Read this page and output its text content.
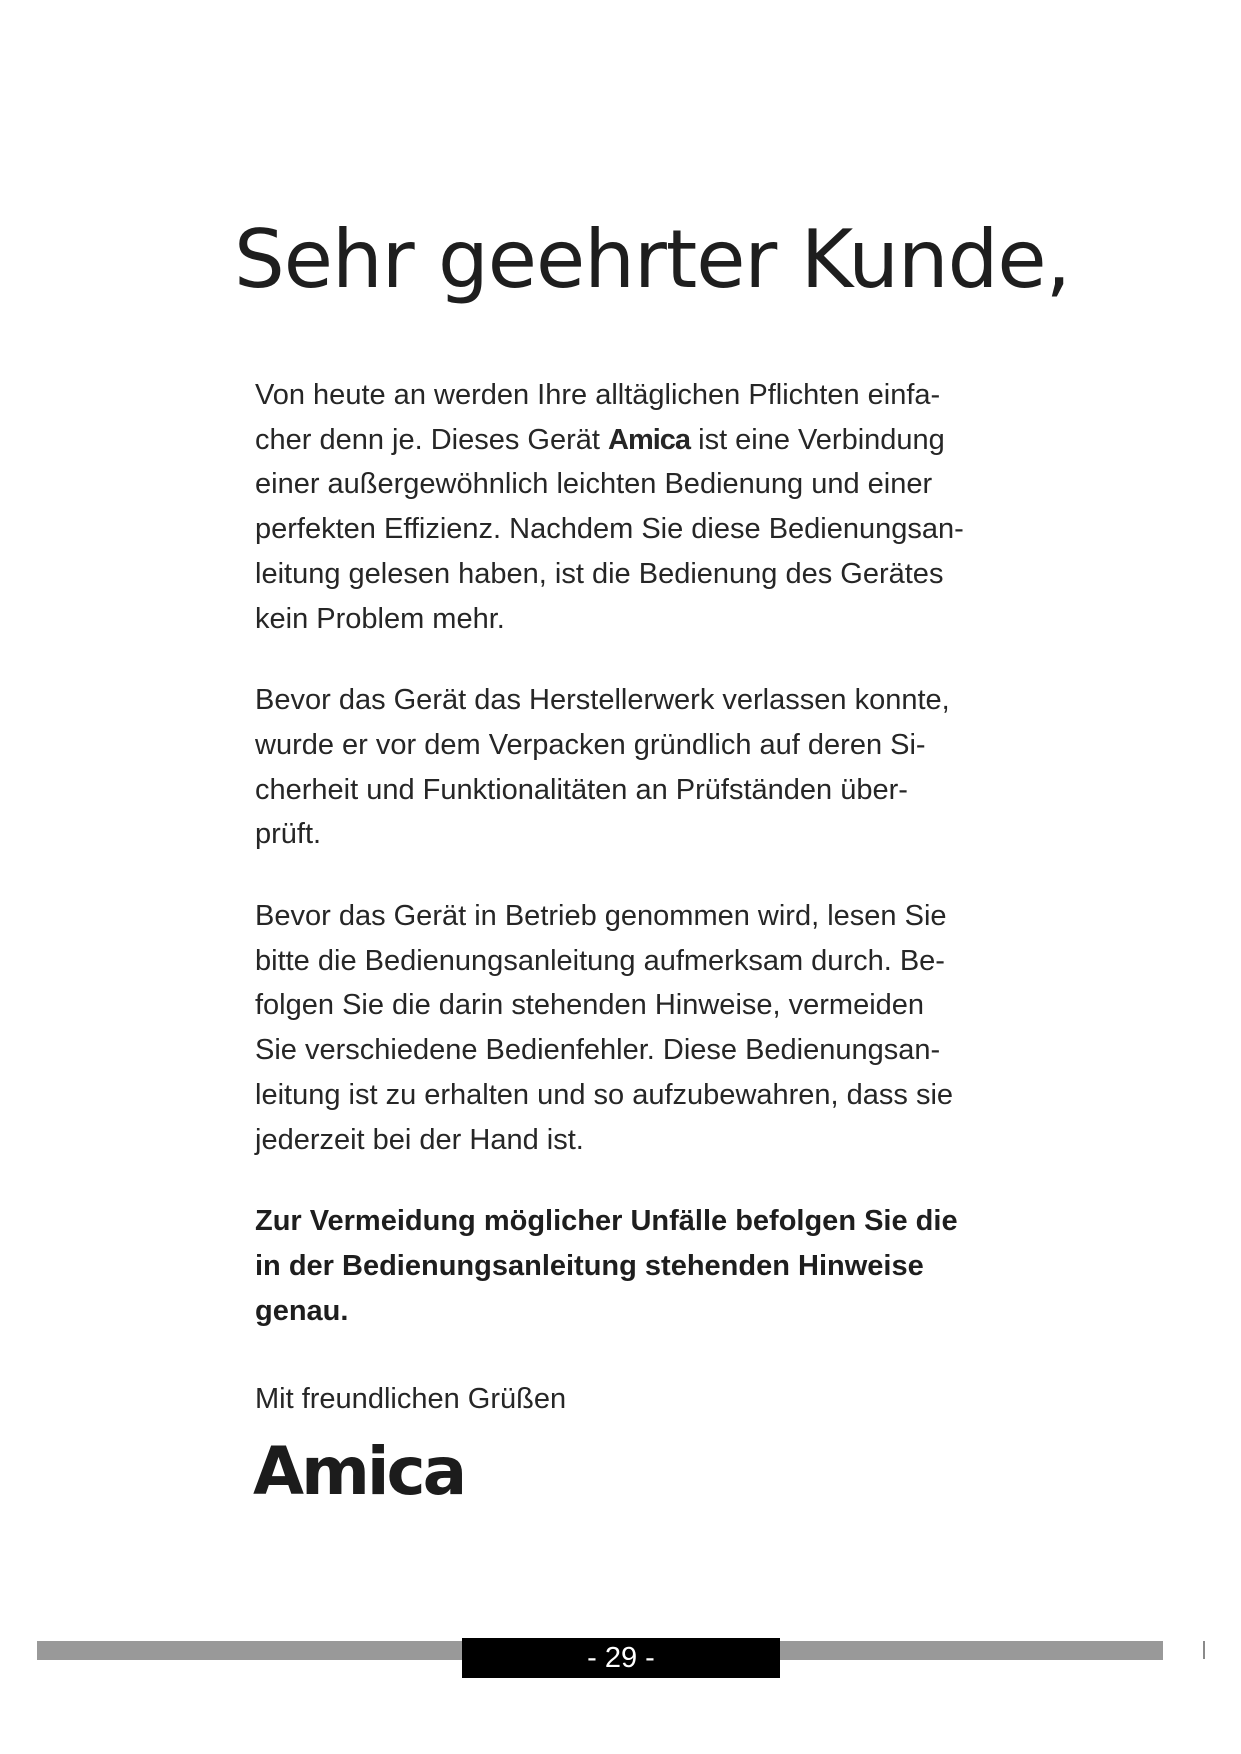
Sehr geehrter Kunde,

Von heute an werden Ihre alltäglichen Pflichten einfa-
cher denn je. Dieses Gerät Amica ist eine Verbindung
einer außergewöhnlich leichten Bedienung und einer
perfekten Effizienz. Nachdem Sie diese Bedienungsan-
leitung gelesen haben, ist die Bedienung des Gerätes
kein Problem mehr.

Bevor das Gerät das Herstellerwerk verlassen konnte,
wurde er vor dem Verpacken gründlich auf deren Si-
cherheit und Funktionalitäten an Prüfständen über-
prüft.

Bevor das Gerät in Betrieb genommen wird, lesen Sie
bitte die Bedienungsanleitung aufmerksam durch. Be-
folgen Sie die darin stehenden Hinweise, vermeiden
Sie verschiedene Bedienfehler. Diese Bedienungsan-
leitung ist zu erhalten und so aufzubewahren, dass sie
jederzeit bei der Hand ist.

Zur Vermeidung möglicher Unfälle befolgen Sie die
in der Bedienungsanleitung stehenden Hinweise
genau.

Mit freundlichen Grüßen

Amica
- 29 -
